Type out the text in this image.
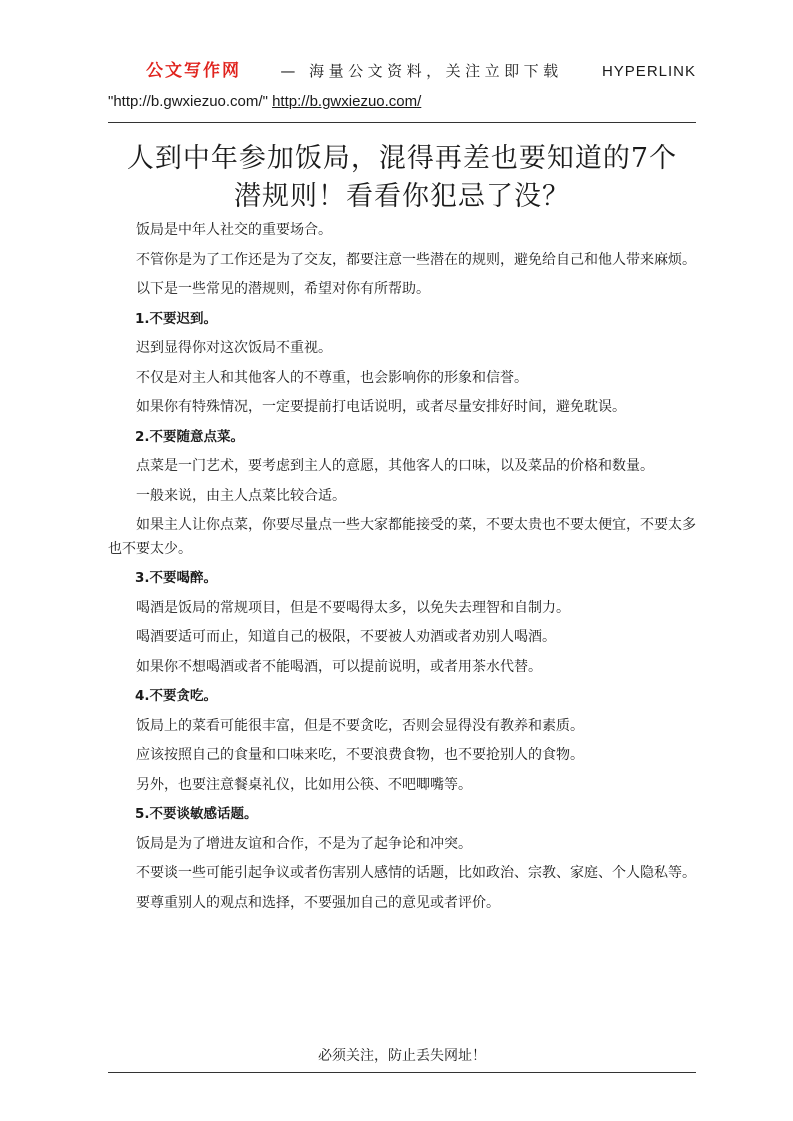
公文写作网	— 海量公文资料，关注立即下载	HYPERLINK
"http://b.gwxiezuo.com/" http://b.gwxiezuo.com/
人到中年参加饭局，混得再差也要知道的7个
潜规则！看看你犯忌了没？

饭局是中年人社交的重要场合。

不管你是为了工作还是为了交友，都要注意一些潜在的规则，避免给自己和他人带来麻烦。

以下是一些常见的潜规则，希望对你有所帮助。

1.不要迟到。

迟到显得你对这次饭局不重视。

不仅是对主人和其他客人的不尊重，也会影响你的形象和信誉。

如果你有特殊情况，一定要提前打电话说明，或者尽量安排好时间，避免耽误。

2.不要随意点菜。

点菜是一门艺术，要考虑到主人的意愿，其他客人的口味，以及菜品的价格和数量。

一般来说，由主人点菜比较合适。

如果主人让你点菜，你要尽量点一些大家都能接受的菜，不要太贵也不要太便宜，不要太多也不要太少。

3.不要喝醉。

喝酒是饭局的常规项目，但是不要喝得太多，以免失去理智和自制力。

喝酒要适可而止，知道自己的极限，不要被人劝酒或者劝别人喝酒。

如果你不想喝酒或者不能喝酒，可以提前说明，或者用茶水代替。

4.不要贪吃。

饭局上的菜看可能很丰富，但是不要贪吃，否则会显得没有教养和素质。

应该按照自己的食量和口味来吃，不要浪费食物，也不要抢别人的食物。

另外，也要注意餐桌礼仪，比如用公筷、不吧唧嘴等。

5.不要谈敏感话题。

饭局是为了增进友谊和合作，不是为了起争论和冲突。

不要谈一些可能引起争议或者伤害别人感情的话题，比如政治、宗教、家庭、个人隐私等。

要尊重别人的观点和选择，不要强加自己的意见或者评价。

必须关注，防止丢失网址！
